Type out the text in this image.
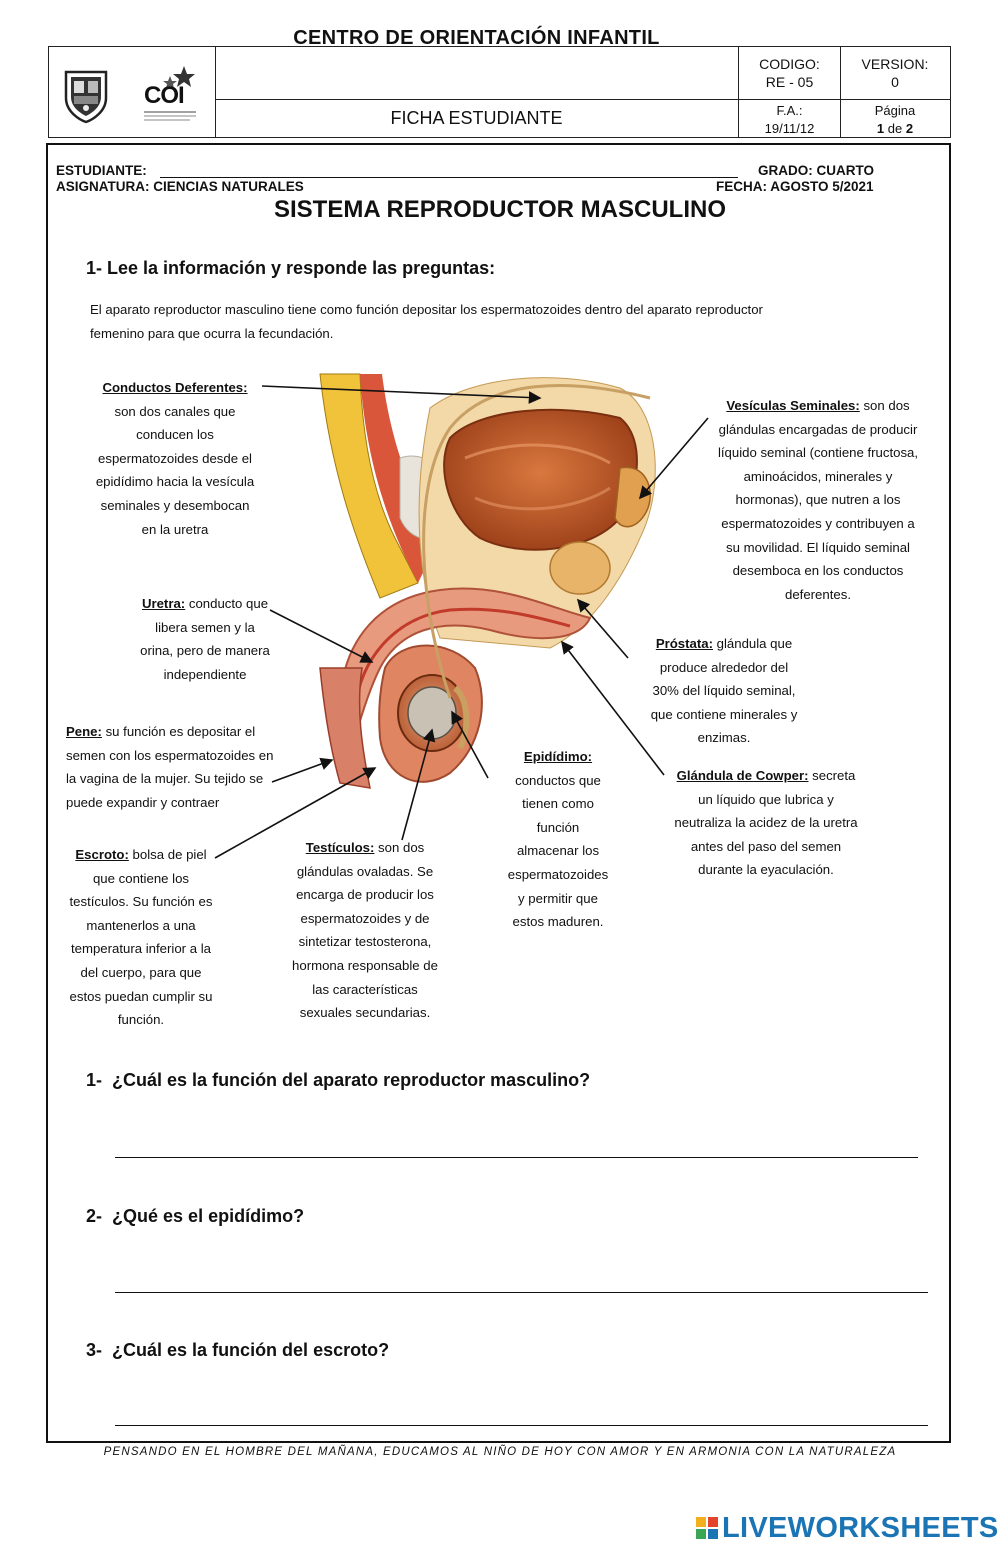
COI
CENTRO DE ORIENTACIÓN INFANTIL
FICHA ESTUDIANTE
CODIGO:
RE - 05
VERSION:
0
F.A.:
19/11/12
Página
1 de 2
ESTUDIANTE:	GRADO: CUARTO
ASIGNATURA: CIENCIAS NATURALES	FECHA: AGOSTO 5/2021
SISTEMA REPRODUCTOR MASCULINO
1- Lee la información y responde las preguntas:
El aparato reproductor masculino tiene como función depositar los espermatozoides dentro del aparato reproductor
femenino para que ocurra la fecundación.
Conductos Deferentes:
son dos canales que
conducen los
espermatozoides desde el
epidídimo hacia la vesícula
seminales y desembocan
en la uretra
Uretra: conducto que
libera semen y la
orina, pero de manera
independiente
Pene: su función es depositar el
semen con los espermatozoides en
la vagina de la mujer. Su tejido se
puede expandir y contraer
Escroto: bolsa de piel
que contiene los
testículos. Su función es
mantenerlos a una
temperatura inferior a la
del cuerpo, para que
estos puedan cumplir su
función.
Testículos: son dos
glándulas ovaladas. Se
encarga de producir los
espermatozoides y de
sintetizar testosterona,
hormona responsable de
las características
sexuales secundarias.
Epidídimo:
conductos que
tienen como
función
almacenar los
espermatozoides
y permitir que
estos maduren.
Vesículas Seminales: son dos
glándulas encargadas de producir
líquido seminal (contiene fructosa,
aminoácidos, minerales y
hormonas), que nutren a los
espermatozoides y contribuyen a
su movilidad. El líquido seminal
desemboca en los conductos
deferentes.
Próstata: glándula que
produce alrededor del
30% del líquido seminal,
que contiene minerales y
enzimas.
Glándula de Cowper: secreta
un líquido que lubrica y
neutraliza la acidez de la uretra
antes del paso del semen
durante la eyaculación.
1- ¿Cuál es la función del aparato reproductor masculino?
2- ¿Qué es el epidídimo?
3- ¿Cuál es la función del escroto?
PENSANDO EN EL HOMBRE DEL MAÑANA, EDUCAMOS AL NIÑO DE HOY CON AMOR Y EN ARMONIA CON LA NATURALEZA
LIVEWORKSHEETS
